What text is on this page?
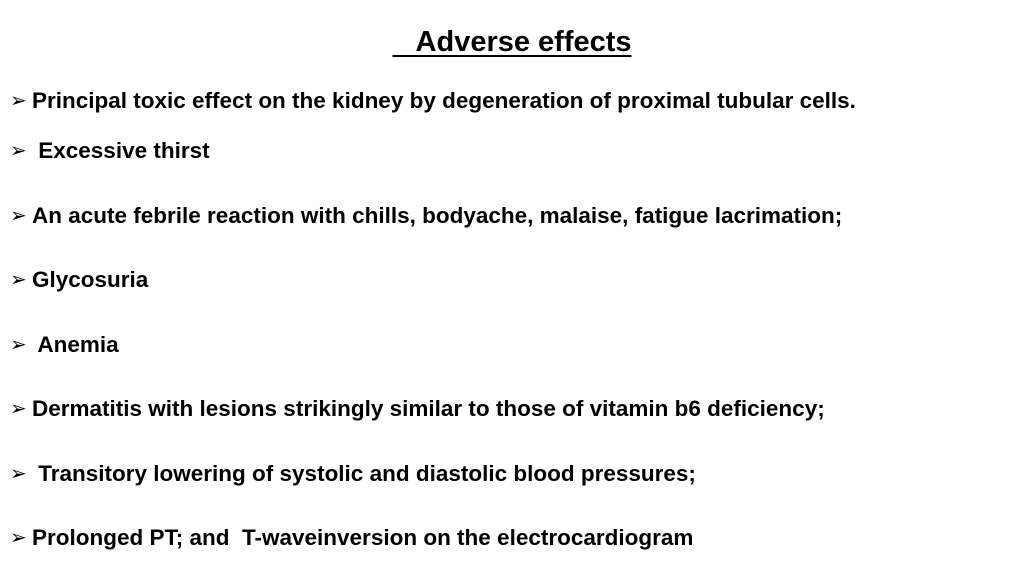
Adverse effects
➢ Principal toxic effect on the kidney by degeneration of proximal tubular cells.
➢ Excessive thirst
➢ An acute febrile reaction with chills, bodyache, malaise, fatigue lacrimation;
➢ Glycosuria
➢ Anemia
➢ Dermatitis with lesions strikingly similar to those of vitamin b6 deficiency;
➢ Transitory lowering of systolic and diastolic blood pressures;
➢ Prolonged PT; and  T-waveinversion on the electrocardiogram
